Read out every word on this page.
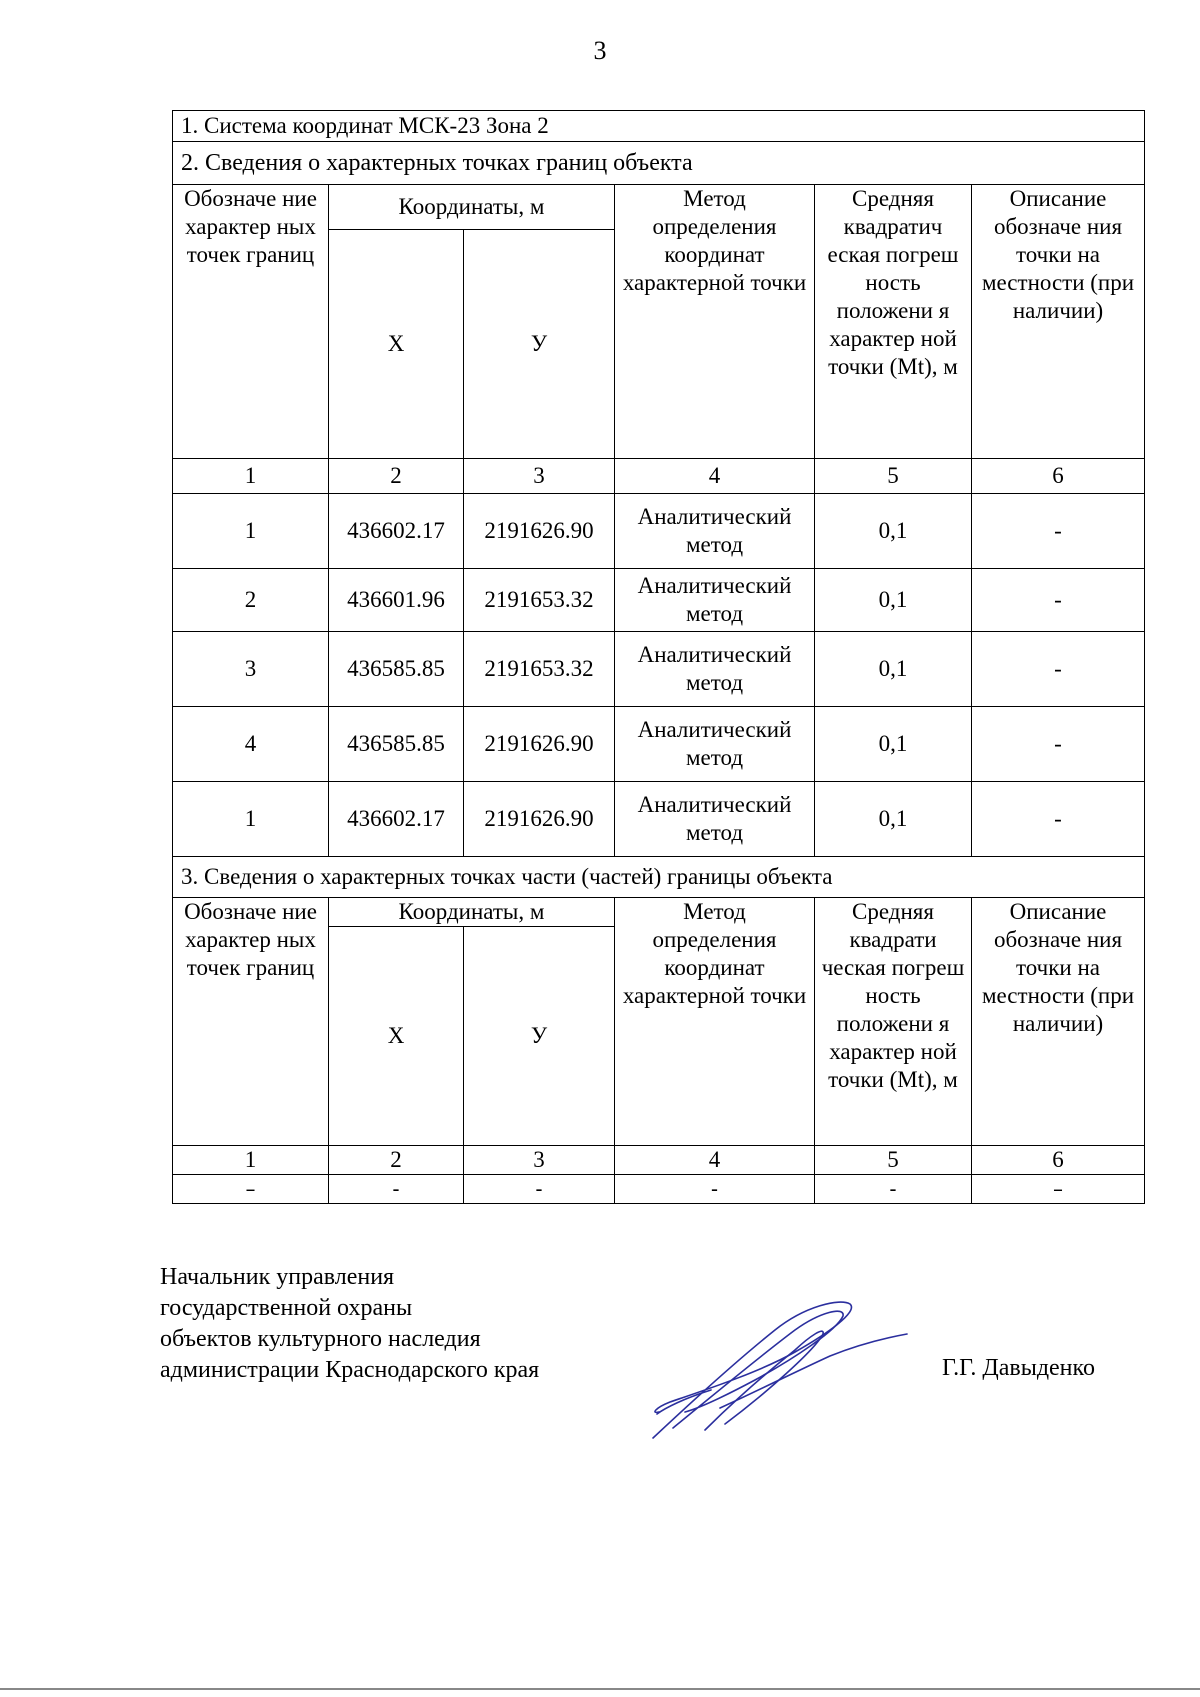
3
1. Система координат МСК-23 Зона 2					
2. Сведения о характерных точках границ объекта					
Обозначе ние характер ных точек границ	Координаты, м		Метод определения координат характерной точки	Средняя квадратич еская погреш ность положени я характер ной точки (Mt), м	Описание обозначе ния точки на местности (при наличии)
	X	У			
1	2	3	4	5	6
1	436602.17	2191626.90	Аналитический метод	0,1	-
2	436601.96	2191653.32	Аналитический метод	0,1	-
3	436585.85	2191653.32	Аналитический метод	0,1	-
4	436585.85	2191626.90	Аналитический метод	0,1	-
1	436602.17	2191626.90	Аналитический метод	0,1	-
3. Сведения о характерных точках части (частей) границы объекта					
Обозначе ние характер ных точек границ	Координаты, м		Метод определения координат характерной точки	Средняя квадрати ческая погреш ность положени я характер ной точки (Mt), м	Описание обозначе ния точки на местности (при наличии)
	X	У			
1	2	3	4	5	6
–	-	-	-	-	–
Начальник управления
государственной охраны
объектов культурного наследия
администрации Краснодарского края	Г.Г. Давыденко
